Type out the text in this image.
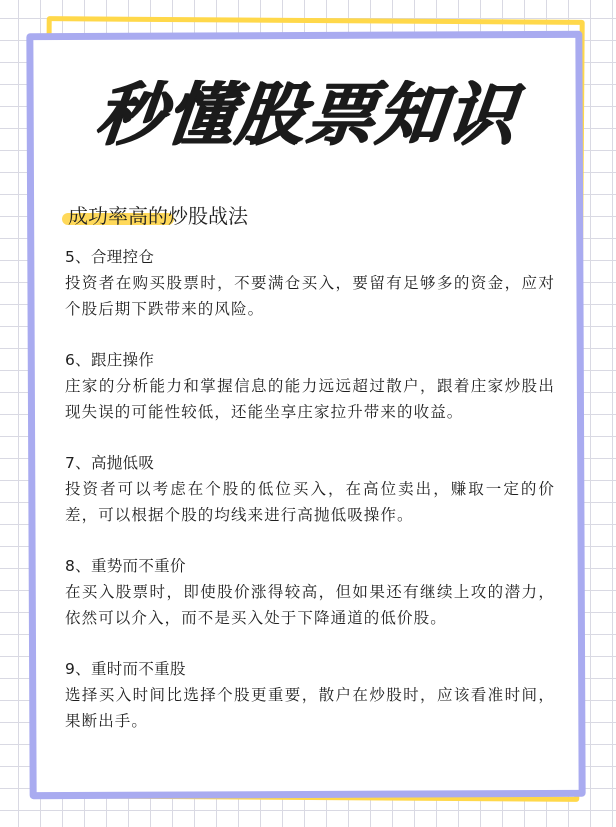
秒懂股票知识
成功率高的炒股战法

5、合理控仓

投资者在购买股票时，不要满仓买入，要留有足够多的资金，应对个股后期下跌带来的风险。

6、跟庄操作

庄家的分析能力和掌握信息的能力远远超过散户，跟着庄家炒股出现失误的可能性较低，还能坐享庄家拉升带来的收益。

7、高抛低吸

投资者可以考虑在个股的低位买入，在高位卖出，赚取一定的价差，可以根据个股的均线来进行高抛低吸操作。

8、重势而不重价

在买入股票时，即使股价涨得较高，但如果还有继续上攻的潜力，依然可以介入，而不是买入处于下降通道的低价股。

9、重时而不重股

选择买入时间比选择个股更重要，散户在炒股时，应该看准时间，果断出手。
